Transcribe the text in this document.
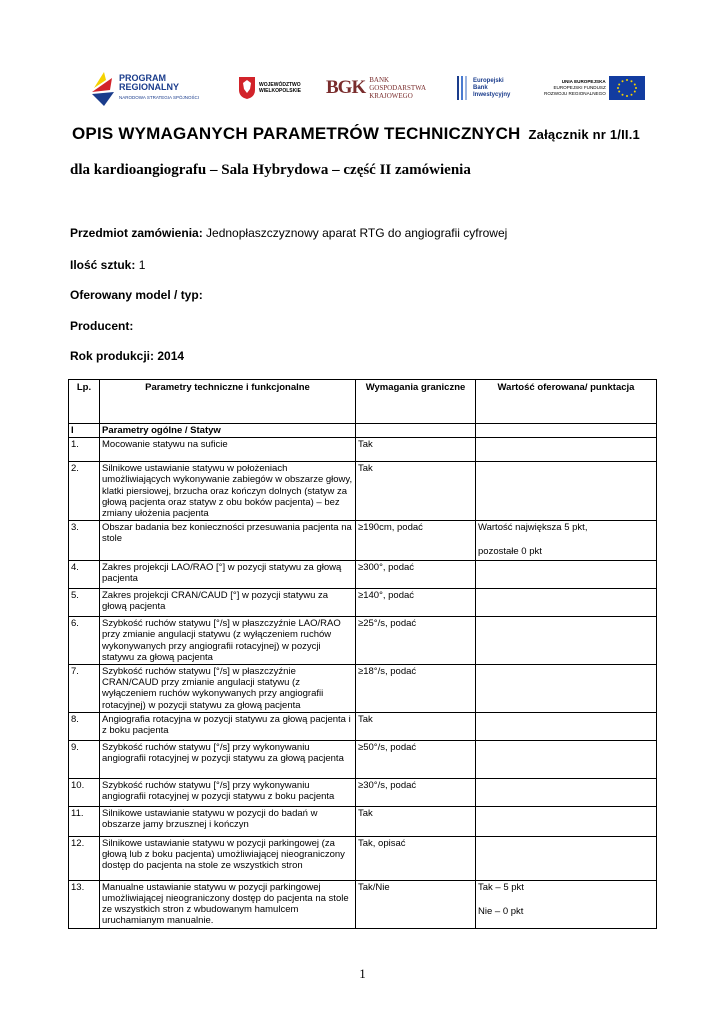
PROGRAM
REGIONALNY
NARODOWA STRATEGIA SPÓJNOŚCI
WOJEWÓDZTWO
WIELKOPOLSKIE BGK BANK
GOSPODARSTWA
KRAJOWEGO
Europejski
Bank
Inwestycyjny
UNIA EUROPEJSKA
EUROPEJSKI FUNDUSZ
ROZWOJU REGIONALNEGO
OPIS WYMAGANYCH PARAMETRÓW TECHNICZNYCH Załącznik nr 1/II.1
dla kardioangiografu – Sala Hybrydowa – część II zamówienia
Przedmiot zamówienia: Jednopłaszczyznowy aparat RTG do angiografii cyfrowej
Ilość sztuk: 1
Oferowany model / typ:
Producent:
Rok produkcji: 2014
Lp.	Parametry techniczne i funkcjonalne	Wymagania graniczne	Wartość oferowana/ punktacja
I	Parametry ogólne / Statyw		
1.	Mocowanie statywu na suficie	Tak	
2.	Silnikowe ustawianie statywu w położeniach umożliwiających wykonywanie zabiegów w obszarze głowy, klatki piersiowej, brzucha oraz kończyn dolnych (statyw za głową pacjenta oraz statyw z obu boków pacjenta) – bez zmiany ułożenia pacjenta	Tak	
3.	Obszar badania bez konieczności przesuwania pacjenta na stole	≥190cm, podać	Wartość największa 5 pkt,

pozostałe 0 pkt

4.	Zakres projekcji LAO/RAO [°] w pozycji statywu za głową pacjenta	≥300°, podać	
5.	Zakres projekcji CRAN/CAUD [°] w pozycji statywu za głową pacjenta	≥140°, podać	
6.	Szybkość ruchów statywu [°/s] w płaszczyźnie LAO/RAO przy zmianie angulacji statywu (z wyłączeniem ruchów wykonywanych przy angiografii rotacyjnej) w pozycji statywu za głową pacjenta	≥25°/s, podać	
7.	Szybkość ruchów statywu [°/s] w płaszczyźnie CRAN/CAUD przy zmianie angulacji statywu (z wyłączeniem ruchów wykonywanych przy angiografii rotacyjnej) w pozycji statywu za głową pacjenta	≥18°/s, podać	
8.	Angiografia rotacyjna w pozycji statywu za głową pacjenta i z boku pacjenta	Tak	
9.	Szybkość ruchów statywu [°/s] przy wykonywaniu angiografii rotacyjnej w pozycji statywu za głową pacjenta	≥50°/s, podać	
10.	Szybkość ruchów statywu [°/s] przy wykonywaniu angiografii rotacyjnej w pozycji statywu z boku pacjenta	≥30°/s, podać	
11.	Silnikowe ustawianie statywu w pozycji do badań w obszarze jamy brzusznej i kończyn	Tak	
12.	Silnikowe ustawianie statywu w pozycji parkingowej (za głową lub z boku pacjenta) umożliwiającej nieograniczony dostęp do pacjenta na stole ze wszystkich stron	Tak, opisać	
13.	Manualne ustawianie statywu w pozycji parkingowej umożliwiającej nieograniczony dostęp do pacjenta na stole ze wszystkich stron z wbudowanym hamulcem uruchamianym manualnie.	Tak/Nie	Tak – 5 pkt

Nie – 0 pkt

1
